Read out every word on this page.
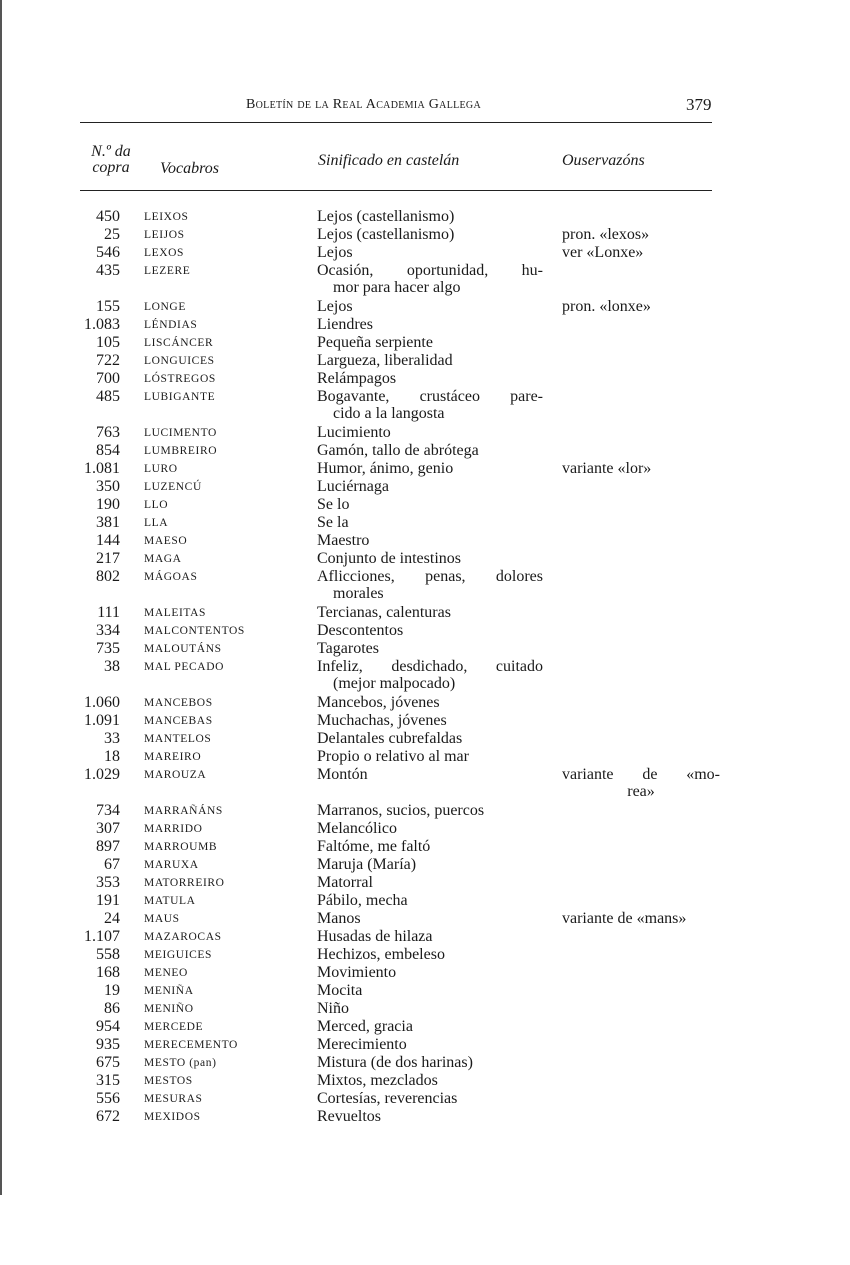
Boletín de la Real Academia Gallega	379
N.º da
copra	Vocabros	Sinificado en castelán	Ouservazóns
450 LEIXOS	Lejos (castellanismo)
25 LEIJOS	Lejos (castellanismo)	pron. «lexos»
546 LEXOS	Lejos	ver «Lonxe»
435 LEZERE	Ocasión, oportunidad, hu-
mor para hacer algo
155 LONGE	Lejos	pron. «lonxe»
1.083 LÉNDIAS	Liendres
105 LISCÁNCER	Pequeña serpiente
722 LONGUICES	Largueza, liberalidad
700 LÓSTREGOS	Relámpagos
485 LUBIGANTE	Bogavante, crustáceo pare-
cido a la langosta
763 LUCIMENTO	Lucimiento
854 LUMBREIRO	Gamón, tallo de abrótega
1.081 LURO	Humor, ánimo, genio	variante «lor»
350 LUZENCÚ	Luciérnaga
190 LLO	Se lo
381 LLA	Se la
144 MAESO	Maestro
217 MAGA	Conjunto de intestinos
802 MÁGOAS	Aflicciones, penas, dolores
morales
111 MALEITAS	Tercianas, calenturas
334 MALCONTENTOS	Descontentos
735 MALOUTÁNS	Tagarotes
38 MAL PECADO	Infeliz, desdichado, cuitado
(mejor malpocado)
1.060 MANCEBOS	Mancebos, jóvenes
1.091 MANCEBAS	Muchachas, jóvenes
33 MANTELOS	Delantales cubrefaldas
18 MAREIRO	Propio o relativo al mar
1.029 MAROUZA	Montón	variante de «mo-
rea»
734 MARRAÑÁNS	Marranos, sucios, puercos
307 MARRIDO	Melancólico
897 MARROUMB	Faltóme, me faltó
67 MARUXA	Maruja (María)
353 MATORREIRO	Matorral
191 MATULA	Pábilo, mecha
24 MAUS	Manos	variante de «mans»
1.107 MAZAROCAS	Husadas de hilaza
558 MEIGUICES	Hechizos, embeleso
168 MENEO	Movimiento
19 MENIÑA	Mocita
86 MENIÑO	Niño
954 MERCEDE	Merced, gracia
935 MERECEMENTO	Merecimiento
675 MESTO (pan)	Mistura (de dos harinas)
315 MESTOS	Mixtos, mezclados
556 MESURAS	Cortesías, reverencias
672 MEXIDOS	Revueltos
